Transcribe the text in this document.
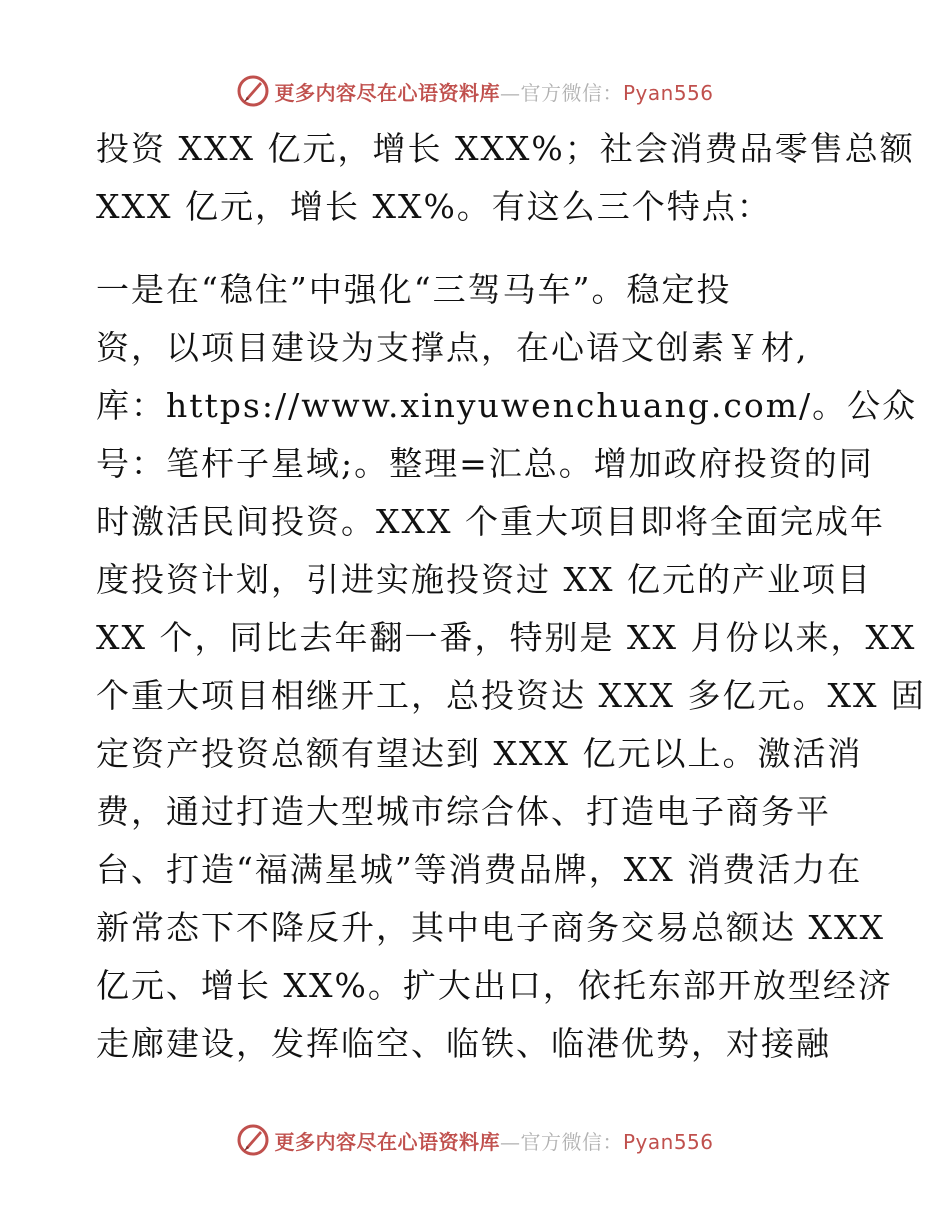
更多内容尽在心语资料库—官方微信：Pyan556
投资 XXX 亿元，增长 XXX%；社会消费品零售总额
XXX 亿元，增长 XX%。有这么三个特点：
一是在“稳住”中强化“三驾马车”。稳定投
资，以项目建设为支撑点，在心语文创素￥材,
库：https://www.xinyuwenchuang.com/。公众
号：笔杆子星域;。整理=汇总。增加政府投资的同
时激活民间投资。XXX 个重大项目即将全面完成年
度投资计划，引进实施投资过 XX 亿元的产业项目
XX 个，同比去年翻一番，特别是 XX 月份以来，XX
个重大项目相继开工，总投资达 XXX 多亿元。XX 固
定资产投资总额有望达到 XXX 亿元以上。激活消
费，通过打造大型城市综合体、打造电子商务平
台、打造“福满星城”等消费品牌，XX 消费活力在
新常态下不降反升，其中电子商务交易总额达 XXX
亿元、增长 XX%。扩大出口，依托东部开放型经济
走廊建设，发挥临空、临铁、临港优势，对接融
更多内容尽在心语资料库—官方微信：Pyan556
